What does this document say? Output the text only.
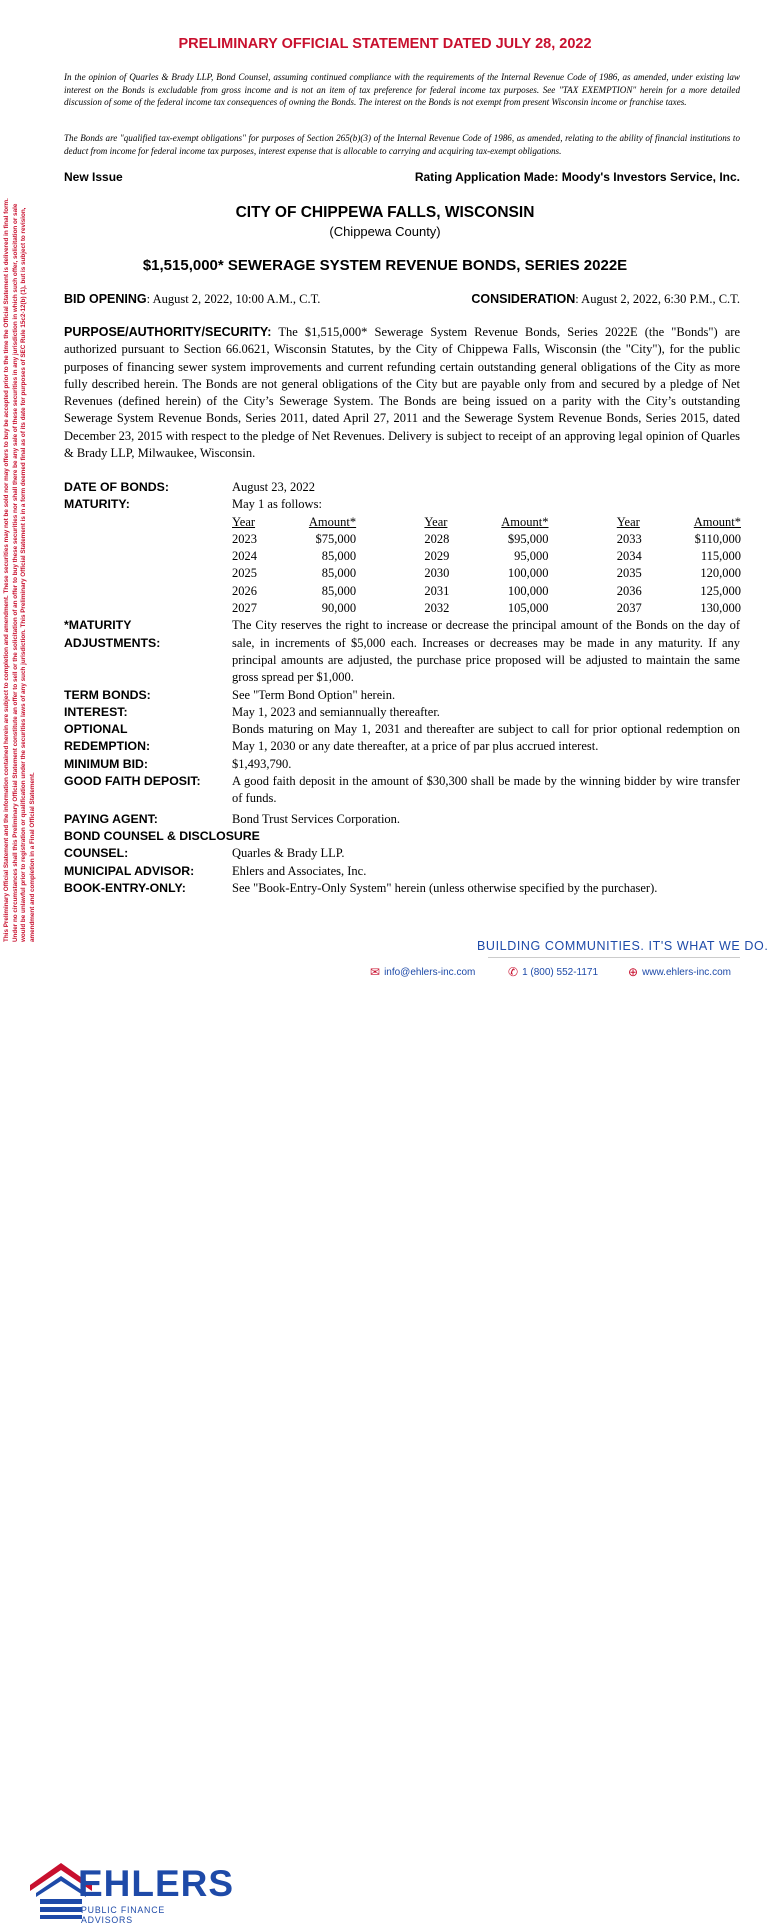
This Preliminary Official Statement and the information contained herein are subject to completion and amendment. These securities may not be sold nor may offers to buy be accepted prior to the time the Official Statement is delivered in final form. Under no circumstances shall this Preliminary Official Statement constitute an offer to sell or the solicitation of an offer to buy these securities nor shall there be any sale of these securities in any jurisdiction in which such offer, solicitation or sale would be unlawful prior to registration or qualification under the securities laws of any such jurisdiction. This Preliminary Official Statement is in a form deemed final as of its date for purposes of SEC Rule 15c2-12(b) (1), but is subject to revision, amendment and completion in a Final Official Statement.
PRELIMINARY OFFICIAL STATEMENT DATED JULY 28, 2022
In the opinion of Quarles & Brady LLP, Bond Counsel, assuming continued compliance with the requirements of the Internal Revenue Code of 1986, as amended, under existing law interest on the Bonds is excludable from gross income and is not an item of tax preference for federal income tax purposes. See "TAX EXEMPTION" herein for a more detailed discussion of some of the federal income tax consequences of owning the Bonds. The interest on the Bonds is not exempt from present Wisconsin income or franchise taxes.
The Bonds are "qualified tax-exempt obligations" for purposes of Section 265(b)(3) of the Internal Revenue Code of 1986, as amended, relating to the ability of financial institutions to deduct from income for federal income tax purposes, interest expense that is allocable to carrying and acquiring tax-exempt obligations.
New Issue	Rating Application Made: Moody's Investors Service, Inc.
CITY OF CHIPPEWA FALLS, WISCONSIN
(Chippewa County)
$1,515,000* SEWERAGE SYSTEM REVENUE BONDS, SERIES 2022E
BID OPENING: August 2, 2022, 10:00 A.M., C.T.	CONSIDERATION: August 2, 2022, 6:30 P.M., C.T.
PURPOSE/AUTHORITY/SECURITY: The $1,515,000* Sewerage System Revenue Bonds, Series 2022E (the "Bonds") are authorized pursuant to Section 66.0621, Wisconsin Statutes, by the City of Chippewa Falls, Wisconsin (the "City"), for the public purposes of financing sewer system improvements and current refunding certain outstanding general obligations of the City as more fully described herein. The Bonds are not general obligations of the City but are payable only from and secured by a pledge of Net Revenues (defined herein) of the City’s Sewerage System. The Bonds are being issued on a parity with the City’s outstanding Sewerage System Revenue Bonds, Series 2011, dated April 27, 2011 and the Sewerage System Revenue Bonds, Series 2015, dated December 23, 2015 with respect to the pledge of Net Revenues. Delivery is subject to receipt of an approving legal opinion of Quarles & Brady LLP, Milwaukee, Wisconsin.
DATE OF BONDS:	August 23, 2022
MATURITY:	May 1 as follows:
Year	Amount*		Year	Amount*		Year	Amount*
2023	$75,000		2028	$95,000		2033	$110,000
2024	85,000		2029	95,000		2034	115,000
2025	85,000		2030	100,000		2035	120,000
2026	85,000		2031	100,000		2036	125,000
2027	90,000		2032	105,000		2037	130,000
*MATURITY ADJUSTMENTS:
The City reserves the right to increase or decrease the principal amount of the Bonds on the day of sale, in increments of $5,000 each. Increases or decreases may be made in any maturity. If any principal amounts are adjusted, the purchase price proposed will be adjusted to maintain the same gross spread per $1,000.
TERM BONDS:	See "Term Bond Option" herein.
INTEREST:	May 1, 2023 and semiannually thereafter.
OPTIONAL REDEMPTION:
Bonds maturing on May 1, 2031 and thereafter are subject to call for prior optional redemption on May 1, 2030 or any date thereafter, at a price of par plus accrued interest.
MINIMUM BID:	$1,493,790.
GOOD FAITH DEPOSIT:	A good faith deposit in the amount of $30,300 shall be made by the winning bidder by wire transfer of funds.
PAYING AGENT:	Bond Trust Services Corporation.
BOND COUNSEL & DISCLOSURE COUNSEL:	Quarles & Brady LLP.
MUNICIPAL ADVISOR:	Ehlers and Associates, Inc.
BOOK-ENTRY-ONLY:	See "Book-Entry-Only System" herein (unless otherwise specified by the purchaser).
EHLERS
PUBLIC FINANCE ADVISORS
BUILDING COMMUNITIES. IT'S WHAT WE DO.
✉ info@ehlers-inc.com	✆ 1 (800) 552-1171 ⊕ www.ehlers-inc.com
